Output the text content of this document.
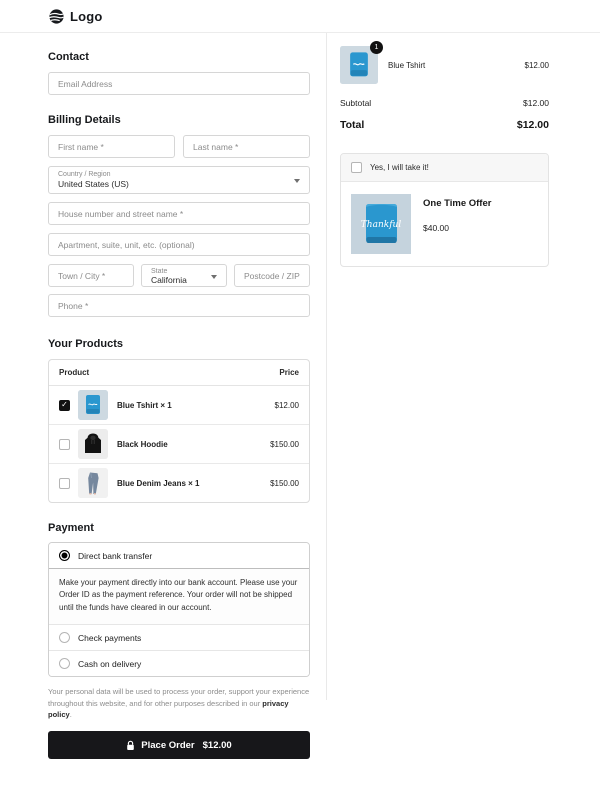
Logo
Contact
Email Address
Billing Details
First name *
Last name *
Country / Region
United States (US)
House number and street name * Apartment, suite, unit, etc. (optional)
Town / City *
State
California
Postcode / ZIP *
Phone *
Your Products
Product	Price
✓	Blue Tshirt × 1	$12.00
Black Hoodie	$150.00
Blue Denim Jeans × 1	$150.00
Payment
Direct bank transfer
Make your payment directly into our bank account. Please use your Order ID as the payment reference. Your order will not be shipped until the funds have cleared in our account.
Check payments
Cash on delivery
Your personal data will be used to process your order, support your experience throughout this website, and for other purposes described in our privacy policy.
Place Order $12.00
1
Blue Tshirt	$12.00
Subtotal	$12.00
Total	$12.00
Yes, I will take it!
Thankful
One Time Offer
$40.00
